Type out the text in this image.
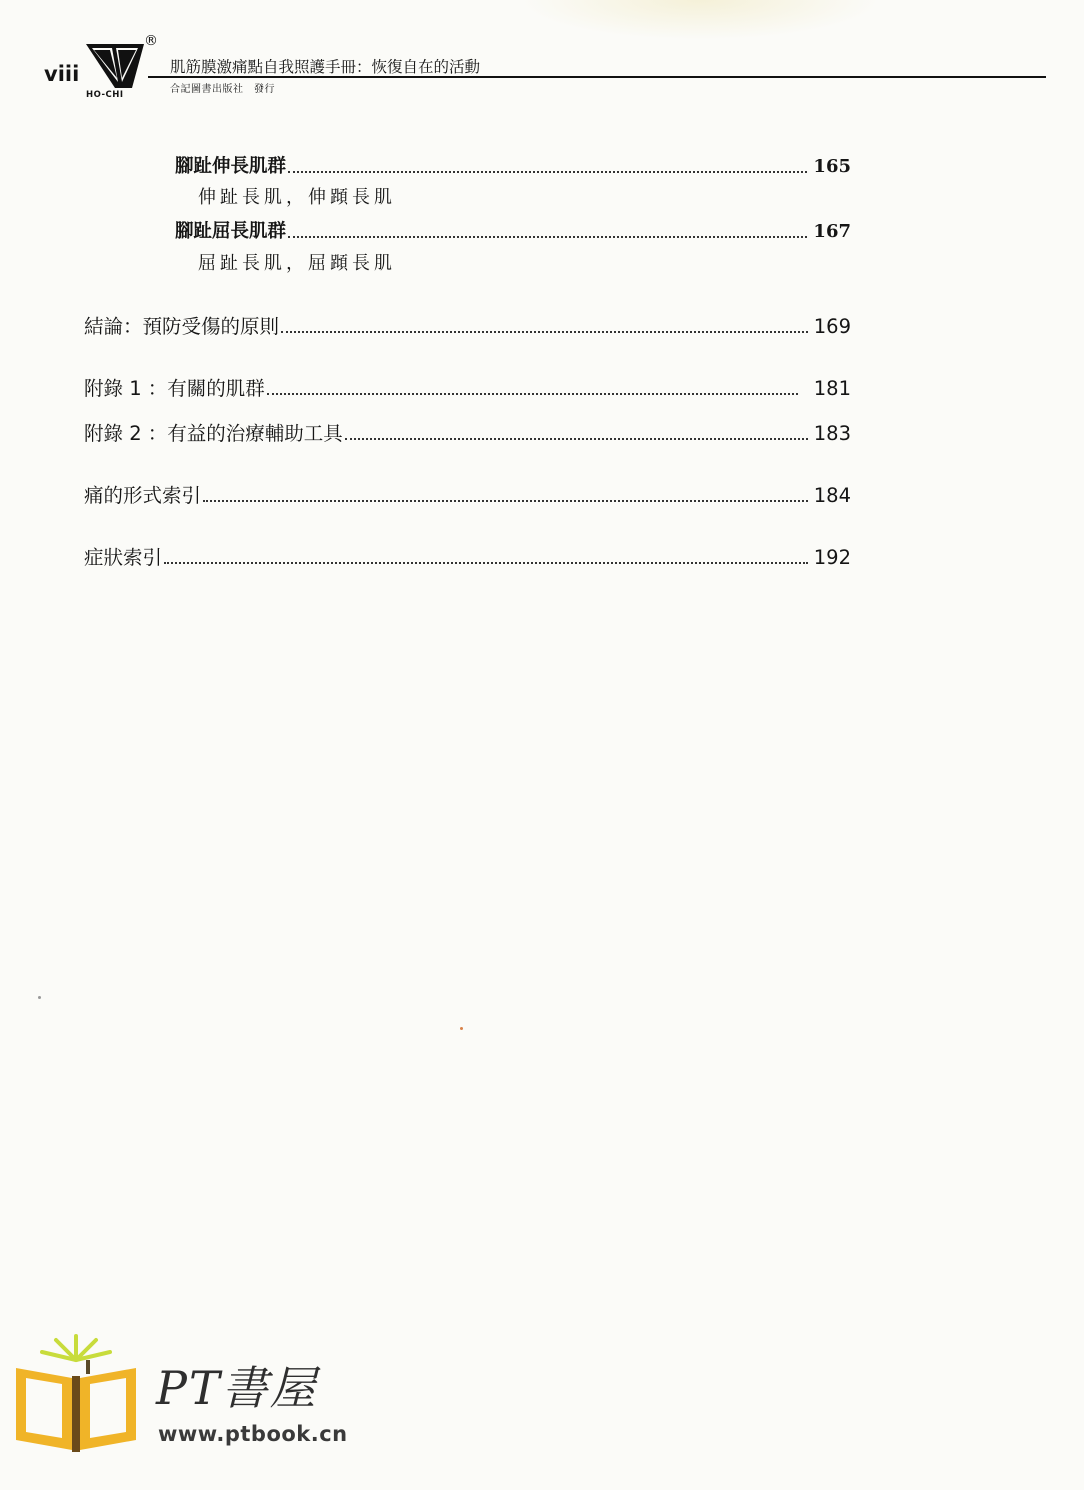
viii
HO-CHI
®
肌筋膜激痛點自我照護手冊：恢復自在的活動
合記圖書出版社　發行
腳趾伸長肌群	165
伸趾長肌，伸蹞長肌
腳趾屈長肌群	167
屈趾長肌，屈蹞長肌
結論：預防受傷的原則	169
附錄 1 ：有關的肌群	181
附錄 2 ：有益的治療輔助工具	183
痛的形式索引	184
症狀索引	192
PT書屋
www.ptbook.cn
